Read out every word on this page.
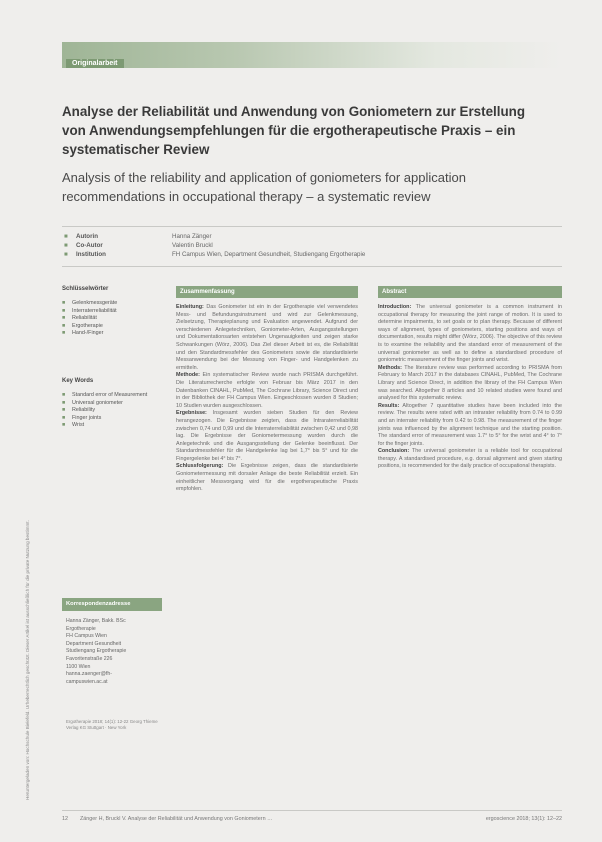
Heruntergeladen von: Hochschule Bielefeld. Urheberrechtlich geschützt. Dieser Artikel ist ausschließlich für die private Nutzung bestimmt.
Originalarbeit
Analyse der Reliabilität und Anwendung von Goniometern zur Erstellung von Anwendungsempfehlungen für die ergotherapeutische Praxis – ein systematischer Review
Analysis of the reliability and application of goniometers for application recommendations in occupational therapy – a systematic review
■	Autorin	Hanna Zänger
■	Co-Autor	Valentin Bruckl
■	Institution	FH Campus Wien, Department Gesundheit, Studiengang Ergotherapie
Schlüsselwörter
■	Gelenkmessgeräte
■	Interraterreliabilität
■	Reliabilität
■	Ergotherapie
■	Hand-/Finger
Key Words
■	Standard error of Measurement
■	Universal goniometer
■	Reliability
■	Finger joints
■	Wrist
Korrespondenzadresse
Hanna Zänger, Bakk. BSc
Ergotherapie
FH Campus Wien
Department Gesundheit
Studiengang Ergotherapie
Favoritenstraße 226
1100 Wien
hanna.zaenger@fh-
campuswien.ac.at
Ergotherapie 2018; 14(1): 12-22 Georg Thieme Verlag KG Stuttgart · New York
Zusammenfassung

Einleitung: Das Goniometer ist ein in der Ergotherapie viel verwendetes Mess- und Befundungsinstrument und wird zur Gelenkmessung, Zielsetzung, Therapieplanung und Evaluation angewendet. Aufgrund der verschiedenen Anlegetechniken, Goniometer-Arten, Ausgangsstellungen und Dokumentationsarten entstehen Ungenauigkeiten und zeigen starke Schwankungen (Wörz, 2006). Das Ziel dieser Arbeit ist es, die Reliabilität und den Standardmessfehler des Goniometers sowie die standardisierte Messanwendung bei der Messung von Finger- und Handgelenken zu ermitteln.

Methode: Ein systematischer Review wurde nach PRISMA durchgeführt. Die Literaturrecherche erfolgte von Februar bis März 2017 in den Datenbanken CINAHL, PubMed, The Cochrane Library, Science Direct und in der Bibliothek der FH Campus Wien. Eingeschlossen wurden 8 Studien; 10 Studien wurden ausgeschlossen.

Ergebnisse: Insgesamt wurden sieben Studien für den Review herangezogen. Die Ergebnisse zeigten, dass die Intraraterreliabilität zwischen 0,74 und 0,99 und die Interraterreliabilität zwischen 0,42 und 0,98 lag. Die Ergebnisse der Goniometermessung wurden durch die Anlegetechnik und die Ausgangsstellung der Gelenke beeinflusst. Der Standardmessfehler für die Handgelenke lag bei 1,7° bis 5° und für die Fingergelenke bei 4° bis 7°.

Schlussfolgerung: Die Ergebnisse zeigen, dass die standardisierte Goniometermessung mit dorsaler Anlage die beste Reliabilität erzielt. Ein einheitlicher Messvorgang wird für die ergotherapeutische Praxis empfohlen.

Abstract

Introduction: The universal goniometer is a common instrument in occupational therapy for measuring the joint range of motion. It is used to determine impairments, to set goals or to plan therapy. Because of different ways of alignment, types of goniometers, starting positions and ways of documentation, results might differ (Wörz, 2006). The objective of this review is to examine the reliability and the standard error of measurement of the universal goniometer as well as to define a standardised procedure of goniometric measurement of the finger joints and wrist.

Methods: The literature review was performed according to PRISMA from February to March 2017 in the databases CINAHL, PubMed, The Cochrane Library and Science Direct, in addition the library of the FH Campus Wien was searched. Altogether 8 articles and 10 related studies were found and analysed for this systematic review.

Results: Altogether 7 quantitative studies have been included into the review. The results were rated with an intrarater reliability from 0.74 to 0.99 and an interrater reliability from 0.42 to 0.98. The measurement of the finger joints was influenced by the alignment technique and the starting position. The standard error of measurement was 1.7° to 5° for the wrist and 4° to 7° for the finger joints.

Conclusion: The universal goniometer is a reliable tool for occupational therapy. A standardised procedure, e.g. dorsal alignment and given starting positions, is recommended for the daily practice of occupational therapists.

12 Zänger H, Bruckl V. Analyse der Reliabilität und Anwendung von Goniometern …	ergoscience 2018; 13(1): 12–22
